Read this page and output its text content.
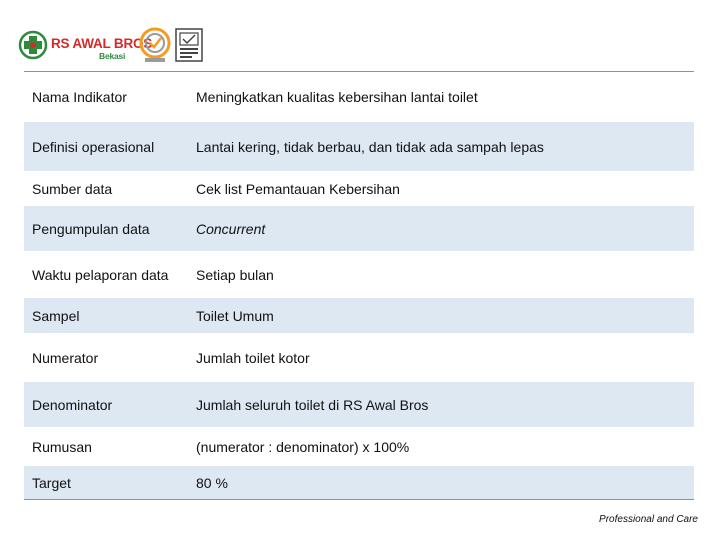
RS AWAL BROS
Bekasi
Nama Indikator	Meningkatkan kualitas kebersihan lantai toilet
Definisi operasional	Lantai kering, tidak berbau, dan tidak ada sampah lepas
Sumber data	Cek list Pemantauan Kebersihan
Pengumpulan data	Concurrent
Waktu pelaporan data	Setiap bulan
Sampel	Toilet Umum
Numerator	Jumlah toilet kotor
Denominator	Jumlah seluruh toilet di RS Awal Bros
Rumusan	(numerator : denominator) x 100%
Target	80 %
Professional and Care
